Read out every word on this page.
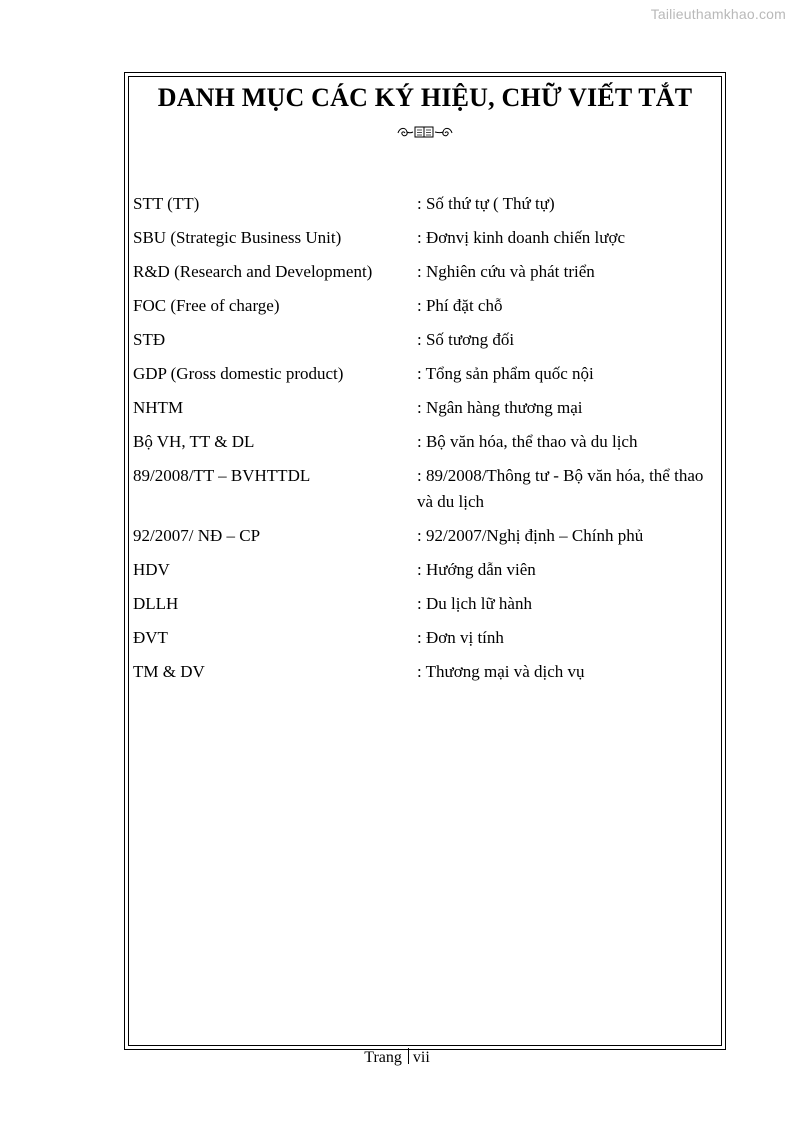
Tailieuthamkhao.com
DANH MỤC CÁC KÝ HIỆU, CHỮ VIẾT TẮT
STT (TT)	: Số thứ tự ( Thứ tự)
SBU (Strategic Business Unit)	: Đơnvị kinh doanh chiến lược
R&D (Research and Development)	: Nghiên cứu và phát triển
FOC (Free of charge)	: Phí đặt chỗ
STĐ	: Số tương đối
GDP (Gross domestic product)	: Tổng sản phẩm quốc nội
NHTM	: Ngân hàng thương mại
Bộ VH, TT & DL	: Bộ văn hóa, thể thao và du lịch
89/2008/TT – BVHTTDL	: 89/2008/Thông tư - Bộ văn hóa, thể thao và du lịch
92/2007/ NĐ – CP	: 92/2007/Nghị định – Chính phủ
HDV	: Hướng dẫn viên
DLLH	: Du lịch lữ hành
ĐVT	: Đơn vị tính
TM & DV	: Thương mại và dịch vụ
Trang vii
